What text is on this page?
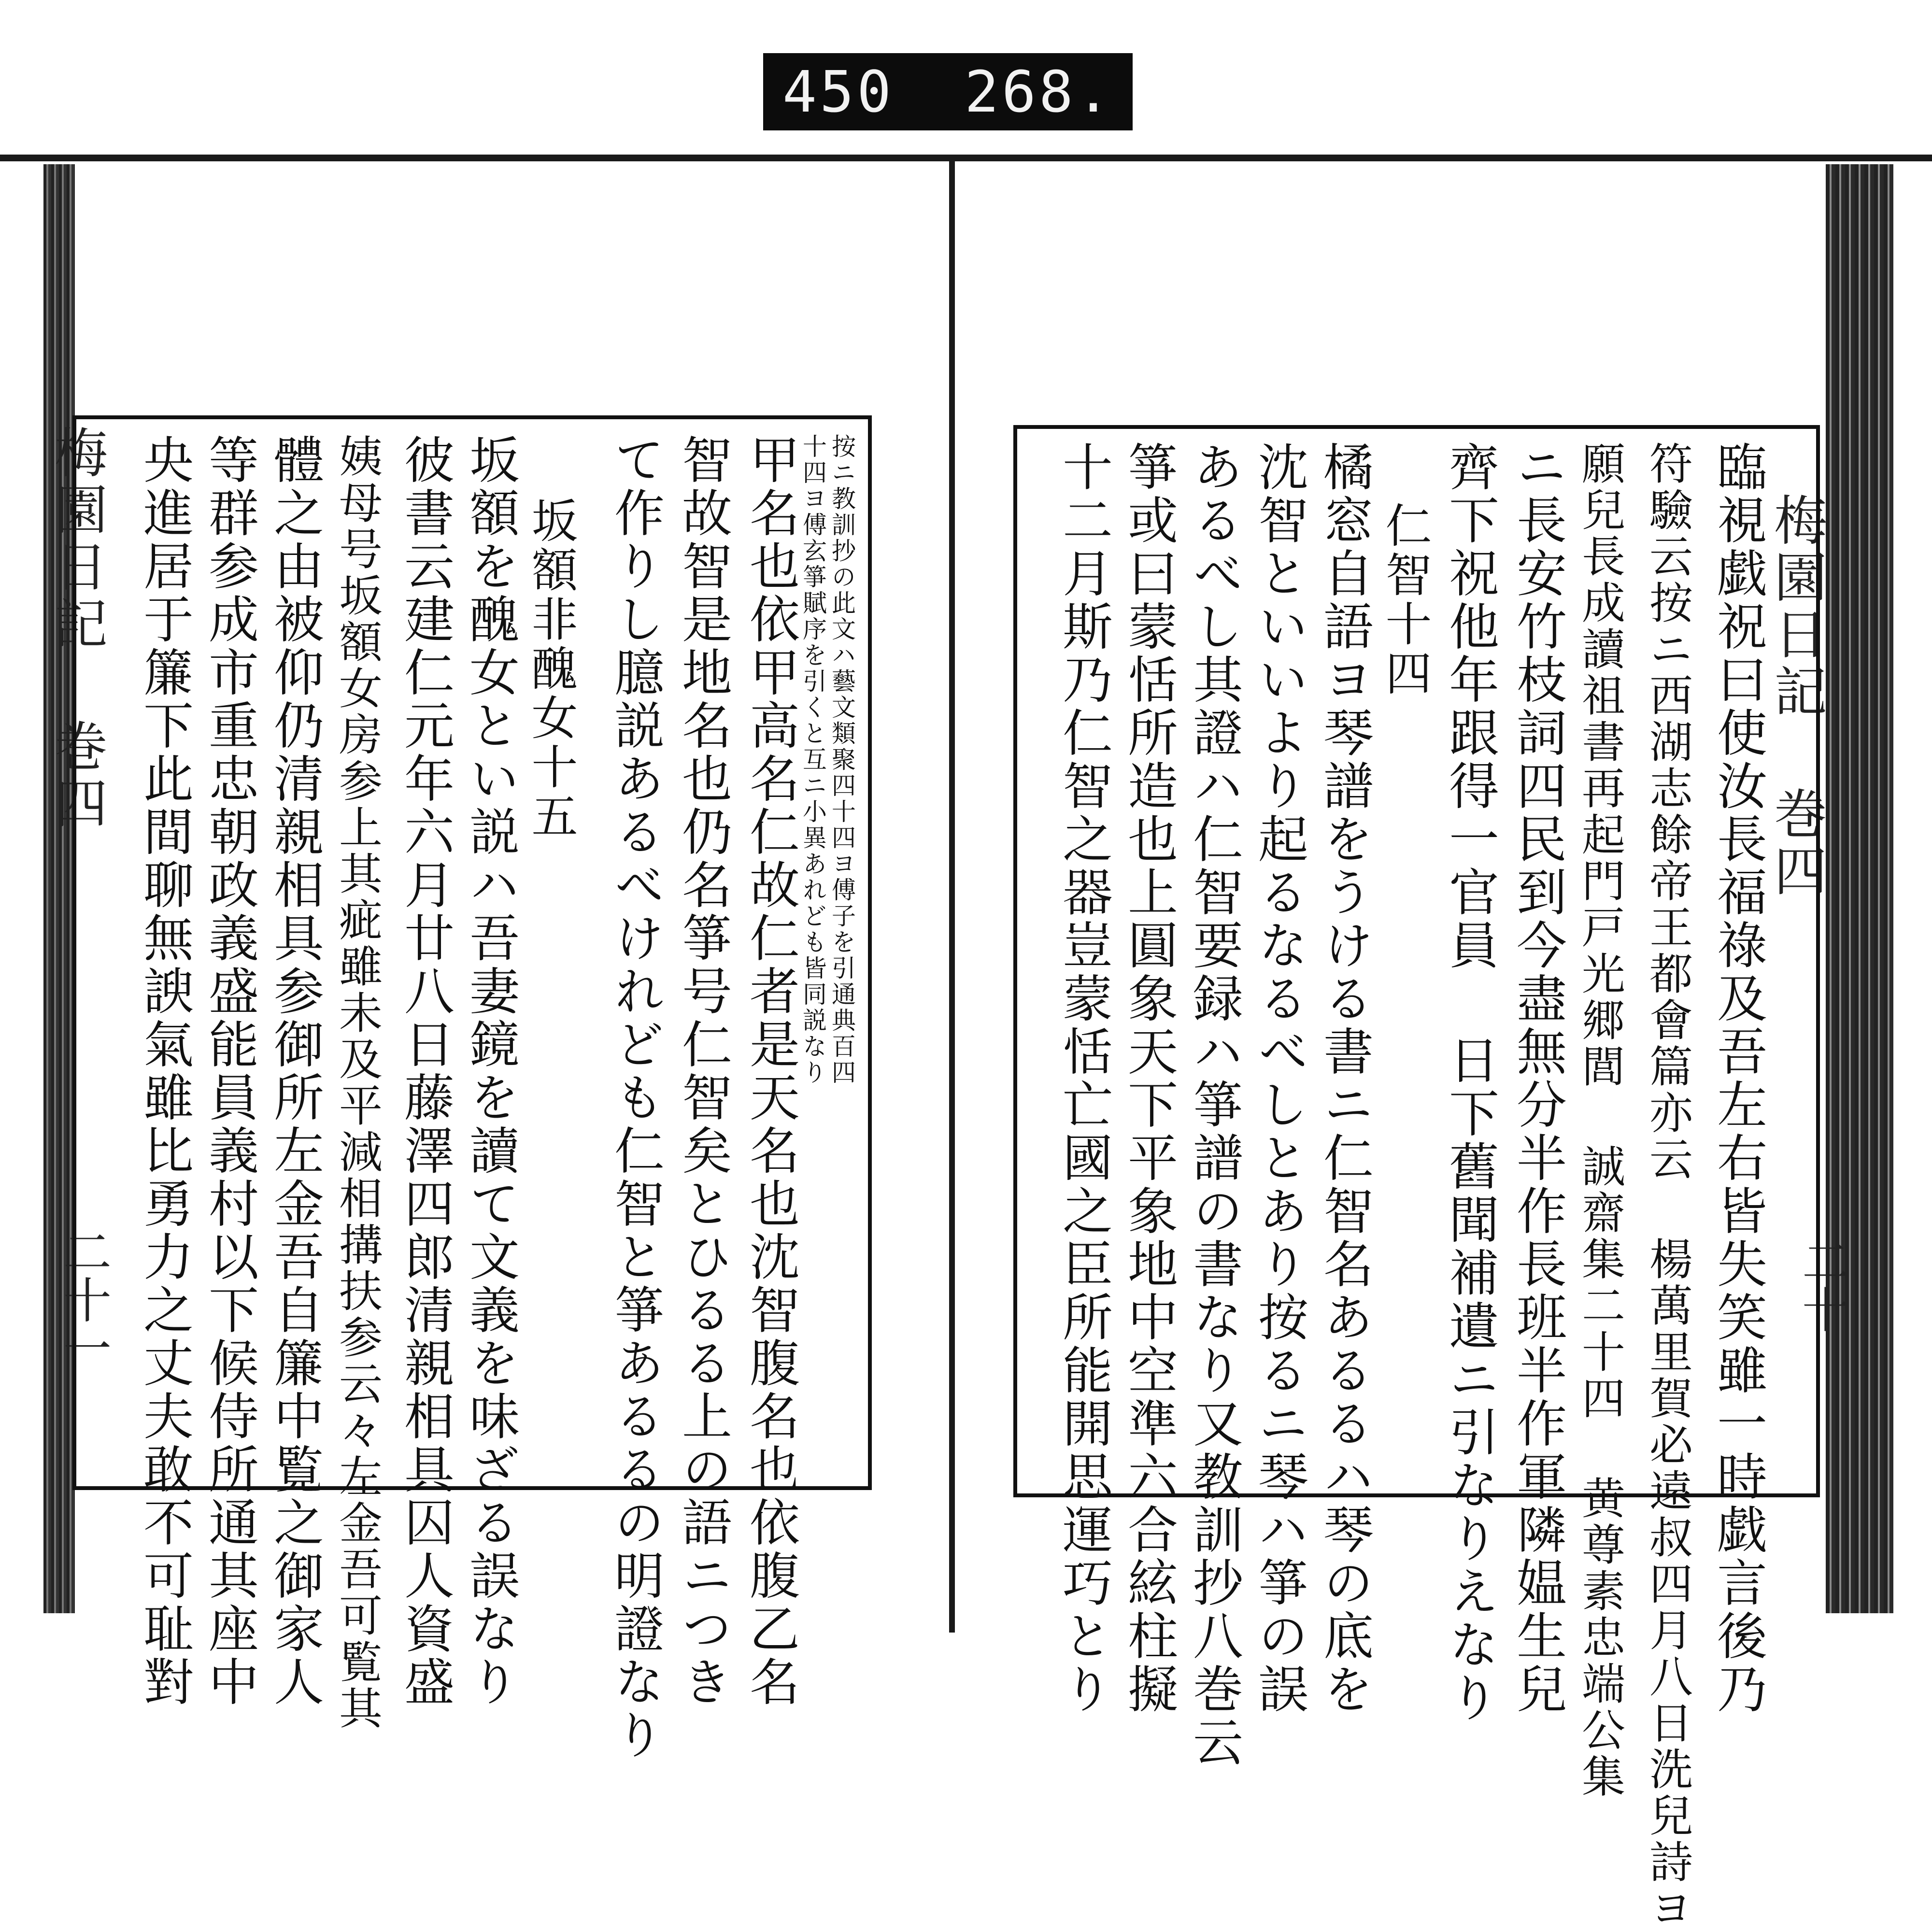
450 268.
梅園日記 巻四
二十一
按ニ教訓抄の此文ハ藝文類聚四十四ヨ傅子を引通典百四
十四ヨ傅玄箏賦序を引くと互ニ小異あれども皆同説なり
甲名也依甲高名仁故仁者是天名也沈智腹名也依腹乙名
智故智是地名也仍名箏号仁智矣とひるる上の語ニつき
て作りし臆説あるべけれども仁智と箏あるるの明證なり
坂額非醜女十五
坂額を醜女とい説ハ吾妻鏡を讀て文義を味ざる誤なり
彼書云建仁元年六月廿八日藤澤四郎清親相具囚人資盛
姨母号坂額女房参上其疵雖未及平減相搆扶参云々左金吾可覧其
體之由被仰仍清親相具参御所左金吾自簾中覧之御家人
等群参成市重忠朝政義盛能員義村以下候侍所通其座中
央進居于簾下此間聊無諛氣雖比勇力之丈夫敢不可耻對	梅園日記 巻四
二十
臨視戯祝曰使汝長福祿及吾左右皆失笑雖一時戯言後乃
符驗云按ニ西湖志餘帝王都會篇亦云 楊萬里賀必遠叔四月八日洗兒詩ヨ
願兒長成讀祖書再起門戸光郷閭 誠齋集二十四 黄尊素忠端公集
ニ長安竹枝詞四民到今盡無分半作長班半作軍隣媪生兒
齊下祝他年跟得一官員 日下舊聞補遺ニ引なりえなり
仁智十四
橘窓自語ヨ琴譜をうける書ニ仁智名あるるハ琴の底を
沈智といいより起るなるべしとあり按るニ琴ハ箏の誤
あるべし其證ハ仁智要録ハ箏譜の書なり又教訓抄八巻云
箏或曰蒙恬所造也上圓象天下平象地中空準六合絃柱擬
十二月斯乃仁智之器豈蒙恬亡國之臣所能開思運巧とり
